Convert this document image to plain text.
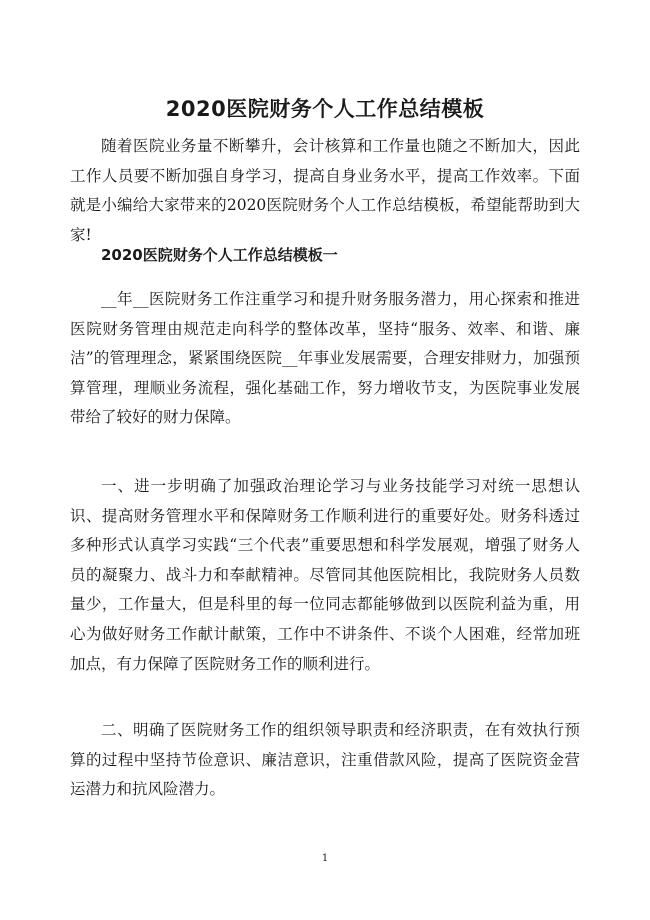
2020医院财务个人工作总结模板

随着医院业务量不断攀升，会计核算和工作量也随之不断加大，因此工作人员要不断加强自身学习，提高自身业务水平，提高工作效率。下面就是小编给大家带来的2020医院财务个人工作总结模板，希望能帮助到大家!

2020医院财务个人工作总结模板一

__年__医院财务工作注重学习和提升财务服务潜力，用心探索和推进医院财务管理由规范走向科学的整体改革，坚持“服务、效率、和谐、廉洁”的管理理念，紧紧围绕医院__年事业发展需要，合理安排财力，加强预算管理，理顺业务流程，强化基础工作，努力增收节支，为医院事业发展带给了较好的财力保障。

一、进一步明确了加强政治理论学习与业务技能学习对统一思想认识、提高财务管理水平和保障财务工作顺利进行的重要好处。财务科透过多种形式认真学习实践“三个代表”重要思想和科学发展观，增强了财务人员的凝聚力、战斗力和奉献精神。尽管同其他医院相比，我院财务人员数量少，工作量大，但是科里的每一位同志都能够做到以医院利益为重，用心为做好财务工作献计献策，工作中不讲条件、不谈个人困难，经常加班加点，有力保障了医院财务工作的顺利进行。

二、明确了医院财务工作的组织领导职责和经济职责，在有效执行预算的过程中坚持节俭意识、廉洁意识，注重借款风险，提高了医院资金营运潜力和抗风险潜力。

1
